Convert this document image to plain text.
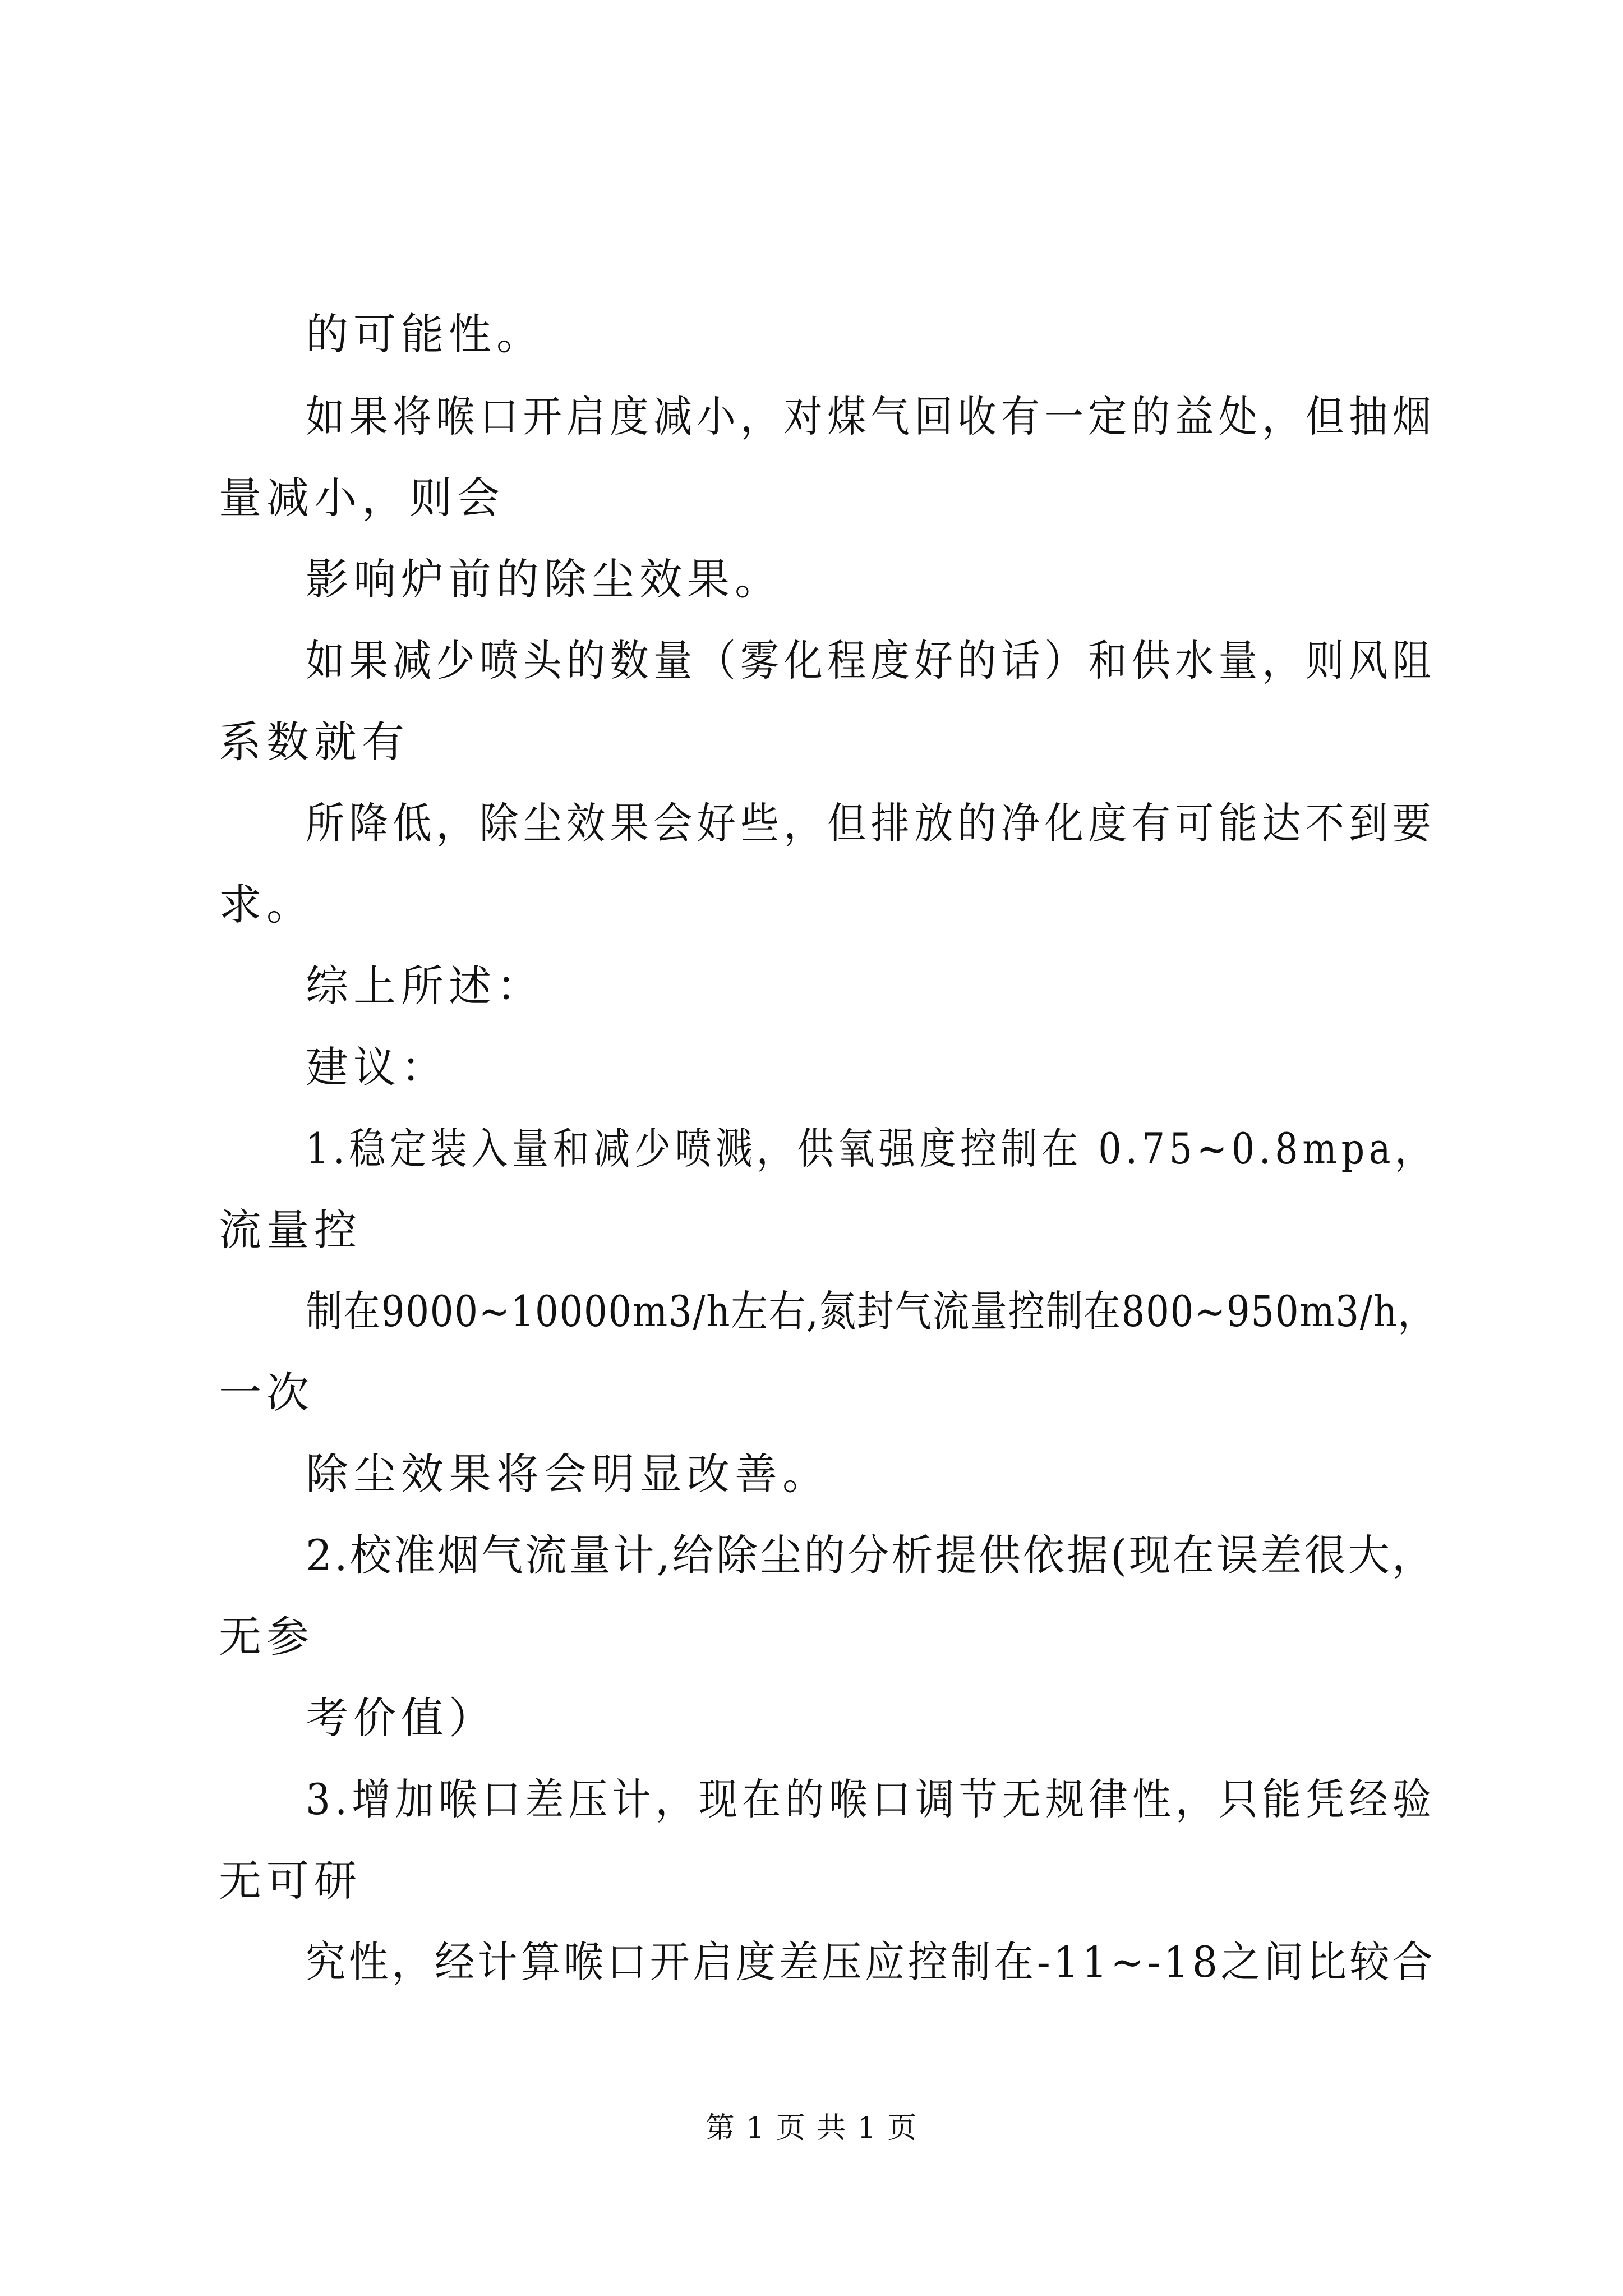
的可能性。
如果将喉口开启度减小，对煤气回收有一定的益处，但抽烟
量减小，则会
影响炉前的除尘效果。
如果减少喷头的数量（雾化程度好的话）和供水量，则风阻
系数就有
所降低，除尘效果会好些，但排放的净化度有可能达不到要
求。
综上所述：
建议：
1.稳定装入量和减少喷溅，供氧强度控制在 0.75~0.8mpa，
流量控
制在9000~10000m3/h左右,氮封气流量控制在800~950m3/h，
一次
除尘效果将会明显改善。
2.校准烟气流量计,给除尘的分析提供依据(现在误差很大，
无参
考价值）
3.增加喉口差压计，现在的喉口调节无规律性，只能凭经验
无可研
究性，经计算喉口开启度差压应控制在-11~-18之间比较合
第 1 页 共 1 页
